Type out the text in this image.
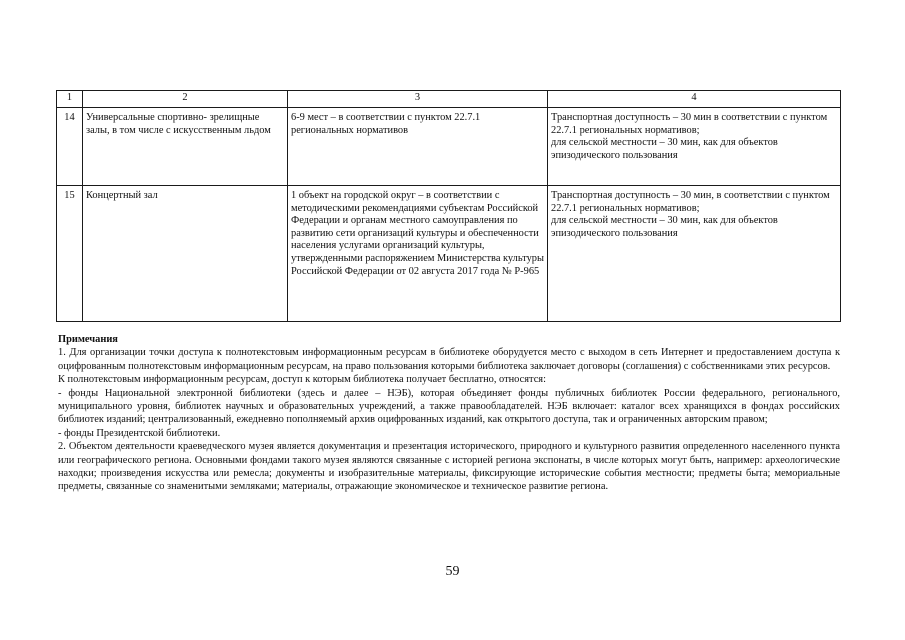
1	2	3	4
14	Универсальные спортивно- зрелищные залы, в том числе с искусственным льдом	6-9 мест – в соответствии с пунктом 22.7.1 региональных нормативов	Транспортная доступность – 30 мин в соответствии с пунктом 22.7.1 региональных нормативов;
для сельской местности – 30 мин, как для объектов эпизодического пользования
15	Концертный зал	1 объект на городской округ – в соответствии с методическими рекомендациями субъектам Российской Федерации и органам местного самоуправления по развитию сети организаций культуры и обеспеченности населения услугами организаций культуры, утвержденными распоряжением Министерства культуры Российской Федерации от 02 августа 2017 года № Р-965	Транспортная доступность – 30 мин, в соответствии с пунктом 22.7.1 региональных нормативов;
для сельской местности – 30 мин, как для объектов эпизодического пользования

Примечания

1. Для организации точки доступа к полнотекстовым информационным ресурсам в библиотеке оборудуется место с выходом в сеть Интернет и предоставлением доступа к оцифрованным полнотекстовым информационным ресурсам, на право пользования которыми библиотека заключает договоры (соглашения) с собственниками этих ресурсов.

К полнотекстовым информационным ресурсам, доступ к которым библиотека получает бесплатно, относятся:

- фонды Национальной электронной библиотеки (здесь и далее – НЭБ), которая объединяет фонды публичных библиотек России федерального, регионального, муниципального уровня, библиотек научных и образовательных учреждений, а также правообладателей. НЭБ включает: каталог всех хранящихся в фондах российских библиотек изданий; централизованный, ежедневно пополняемый архив оцифрованных изданий, как открытого доступа, так и ограниченных авторским правом;

- фонды Президентской библиотеки.

2. Объектом деятельности краеведческого музея является документация и презентация исторического, природного и культурного развития определенного населенного пункта или географического региона. Основными фондами такого музея являются связанные с историей региона экспонаты, в числе которых могут быть, например: археологические находки; произведения искусства или ремесла; документы и изобразительные материалы, фиксирующие исторические события местности; предметы быта; мемориальные предметы, связанные со знаменитыми земляками; материалы, отражающие экономическое и техническое развитие региона.

59
